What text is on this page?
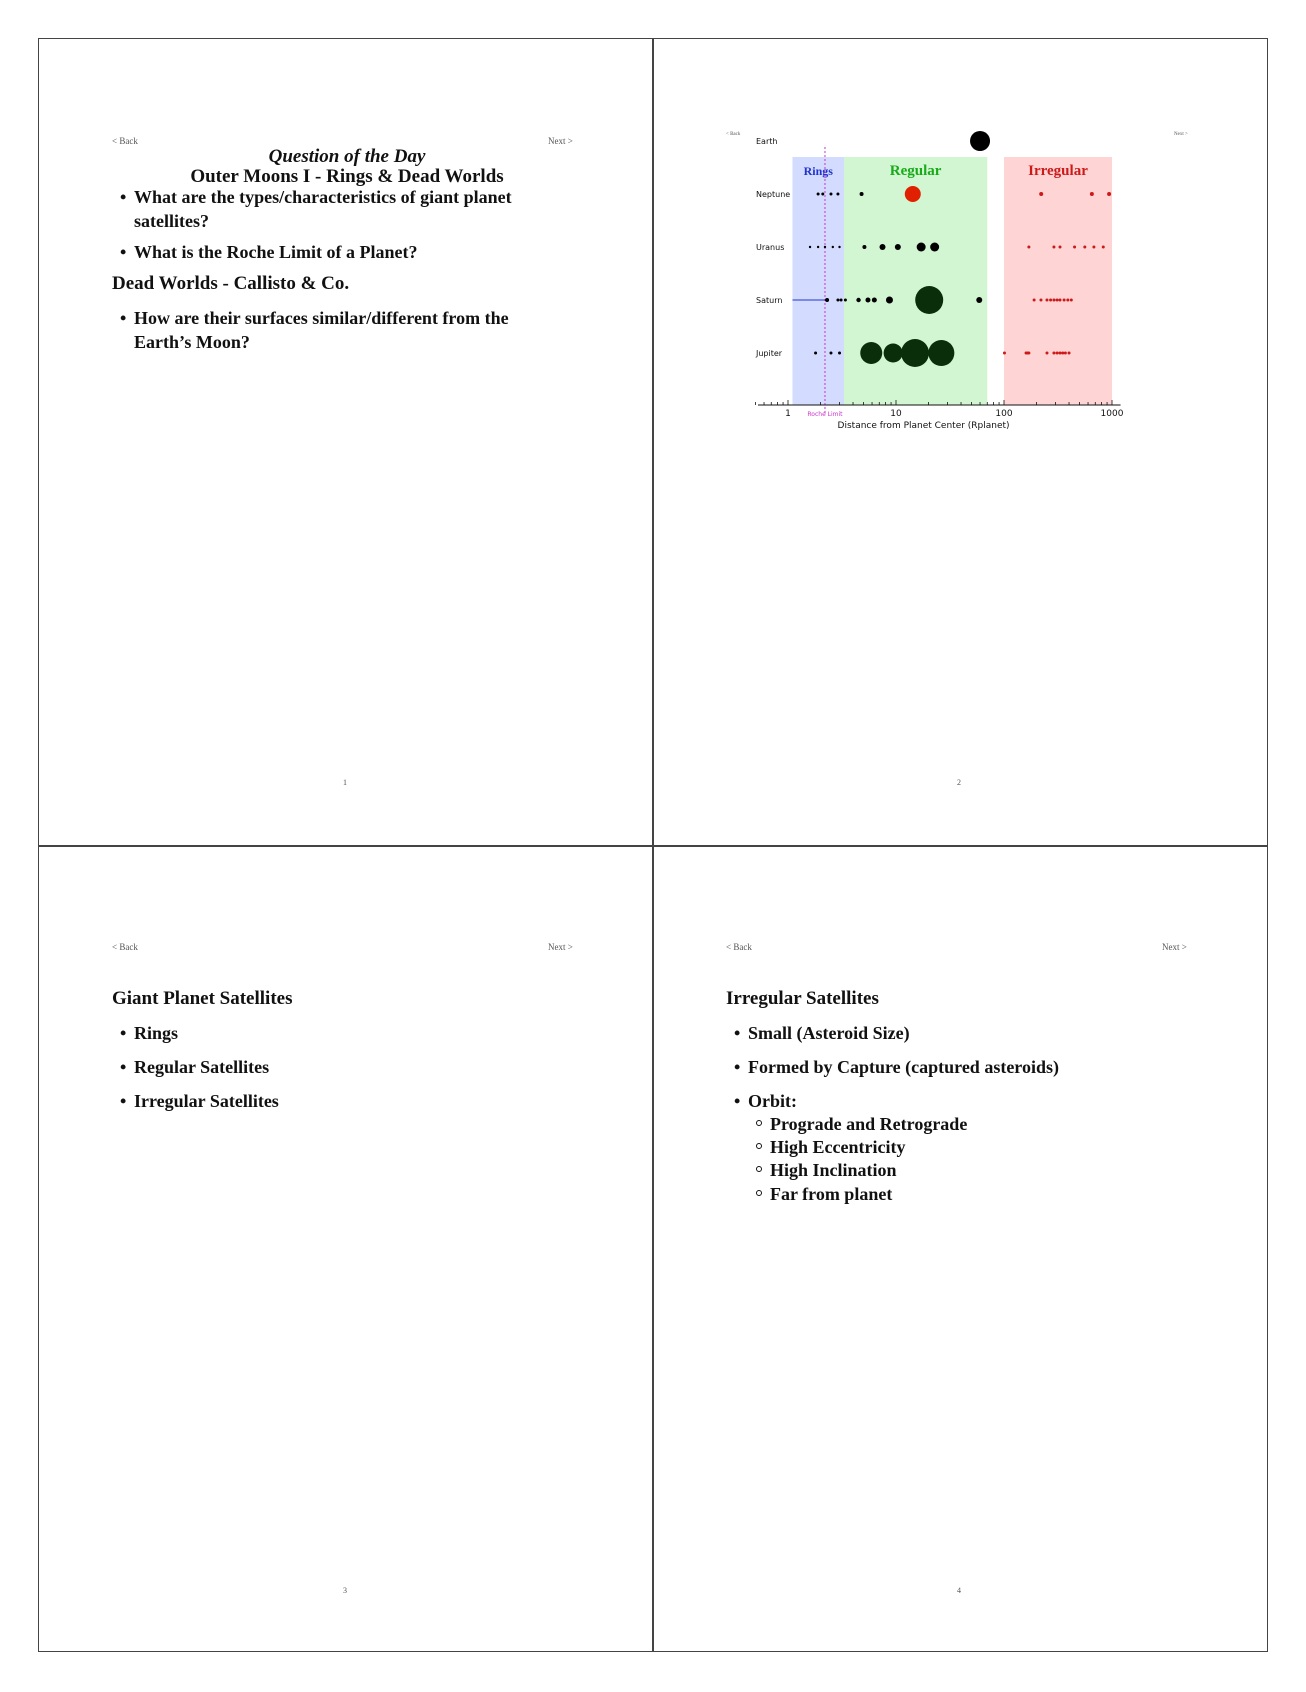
< Back	Next >
Question of the Day
Outer Moons I - Rings & Dead Worlds
• What are the types/characteristics of giant planet satellites?
• What is the Roche Limit of a Planet?
Dead Worlds - Callisto & Co.
• How are their surfaces similar/different from the Earth’s Moon?
1
< Back	Next >
Rings	Regular	Irregular
Roche Limit
Earth
Neptune
Uranus
Saturn
Jupiter
1	10	100	1000
Distance from Planet Center (Rplanet)
2
< Back	Next >
Giant Planet Satellites
• Rings
• Regular Satellites
• Irregular Satellites
3
< Back	Next >
Irregular Satellites
• Small (Asteroid Size)
• Formed by Capture (captured asteroids)
• Orbit:
Prograde and Retrograde
High Eccentricity
High Inclination
Far from planet
4
